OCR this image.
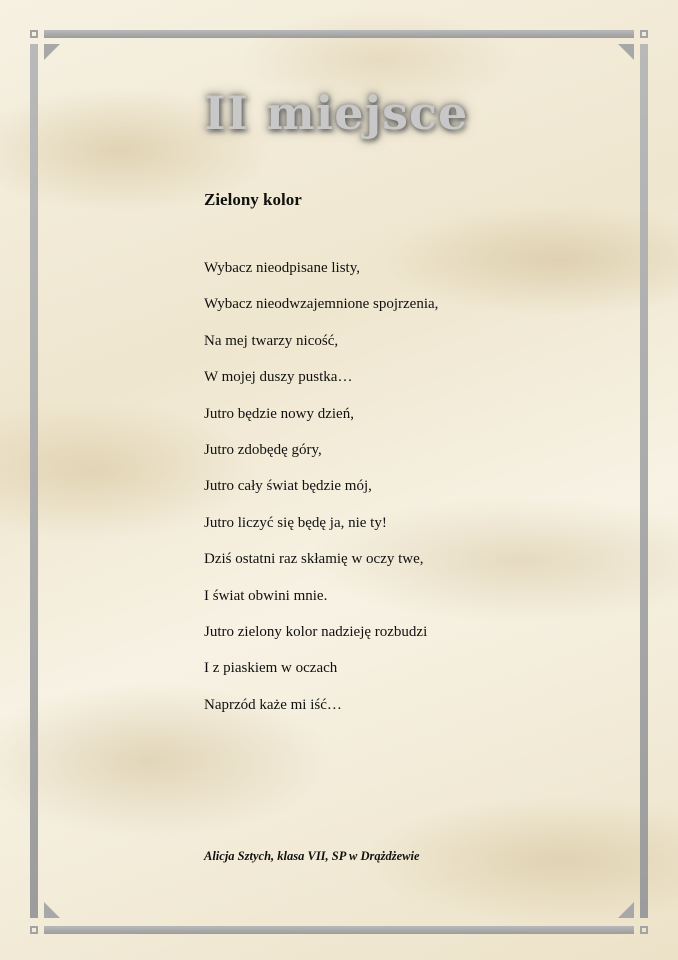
II miejsce
Zielony kolor
Wybacz nieodpisane listy,
Wybacz nieodwzajemnione spojrzenia,
Na mej twarzy nicość,
W mojej duszy pustka…
Jutro będzie nowy dzień,
Jutro zdobędę góry,
Jutro cały świat będzie mój,
Jutro liczyć się będę ja, nie ty!
Dziś ostatni raz skłamię w oczy twe,
I świat obwini mnie.
Jutro zielony kolor nadzieję rozbudzi
I z piaskiem w oczach
Naprzód każe mi iść…
Alicja Sztych, klasa VII, SP w Drążdżewie
